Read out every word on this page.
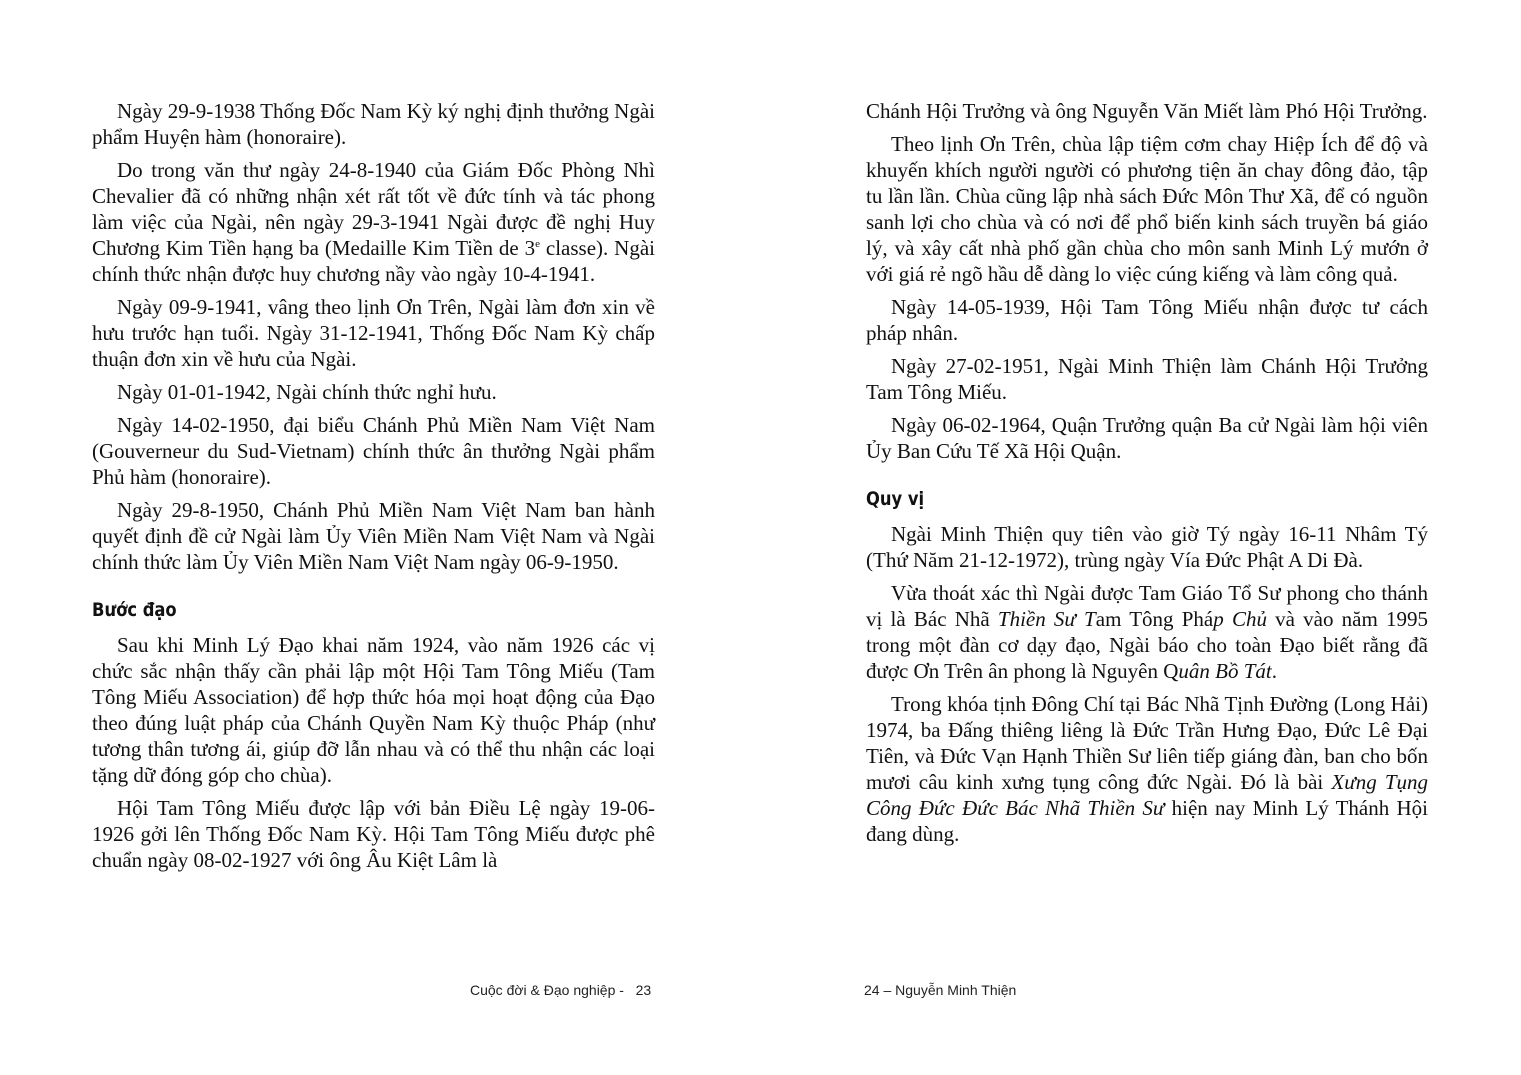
Ngày 29-9-1938 Thống Đốc Nam Kỳ ký nghị định thưởng Ngài phẩm Huyện hàm (honoraire).

Do trong văn thư ngày 24-8-1940 của Giám Đốc Phòng Nhì Chevalier đã có những nhận xét rất tốt về đức tính và tác phong làm việc của Ngài, nên ngày 29-3-1941 Ngài được đề nghị Huy Chương Kim Tiền hạng ba (Medaille Kim Tiền de 3e classe). Ngài chính thức nhận được huy chương nầy vào ngày 10-4-1941.

Ngày 09-9-1941, vâng theo lịnh Ơn Trên, Ngài làm đơn xin về hưu trước hạn tuổi. Ngày 31-12-1941, Thống Đốc Nam Kỳ chấp thuận đơn xin về hưu của Ngài.

Ngày 01-01-1942, Ngài chính thức nghỉ hưu.

Ngày 14-02-1950, đại biểu Chánh Phủ Miền Nam Việt Nam (Gouverneur du Sud-Vietnam) chính thức ân thưởng Ngài phẩm Phủ hàm (honoraire).

Ngày 29-8-1950, Chánh Phủ Miền Nam Việt Nam ban hành quyết định đề cử Ngài làm Ủy Viên Miền Nam Việt Nam và Ngài chính thức làm Ủy Viên Miền Nam Việt Nam ngày 06-9-1950.

Bước đạo

Sau khi Minh Lý Đạo khai năm 1924, vào năm 1926 các vị chức sắc nhận thấy cần phải lập một Hội Tam Tông Miếu (Tam Tông Miếu Association) để hợp thức hóa mọi hoạt động của Đạo theo đúng luật pháp của Chánh Quyền Nam Kỳ thuộc Pháp (như tương thân tương ái, giúp đỡ lẫn nhau và có thể thu nhận các loại tặng dữ đóng góp cho chùa).

Hội Tam Tông Miếu được lập với bản Điều Lệ ngày 19-06-1926 gởi lên Thống Đốc Nam Kỳ. Hội Tam Tông Miếu được phê chuẩn ngày 08-02-1927 với ông Âu Kiệt Lâm là

Chánh Hội Trưởng và ông Nguyễn Văn Miết làm Phó Hội Trưởng.

Theo lịnh Ơn Trên, chùa lập tiệm cơm chay Hiệp Ích để độ và khuyến khích người người có phương tiện ăn chay đông đảo, tập tu lần lần. Chùa cũng lập nhà sách Đức Môn Thư Xã, để có nguồn sanh lợi cho chùa và có nơi để phổ biến kinh sách truyền bá giáo lý, và xây cất nhà phố gần chùa cho môn sanh Minh Lý mướn ở với giá rẻ ngõ hầu dễ dàng lo việc cúng kiếng và làm công quả.

Ngày 14-05-1939, Hội Tam Tông Miếu nhận được tư cách pháp nhân.

Ngày 27-02-1951, Ngài Minh Thiện làm Chánh Hội Trưởng Tam Tông Miếu.

Ngày 06-02-1964, Quận Trưởng quận Ba cử Ngài làm hội viên Ủy Ban Cứu Tế Xã Hội Quận.

Quy vị

Ngài Minh Thiện quy tiên vào giờ Tý ngày 16-11 Nhâm Tý (Thứ Năm 21-12-1972), trùng ngày Vía Đức Phật A Di Đà.

Vừa thoát xác thì Ngài được Tam Giáo Tổ Sư phong cho thánh vị là Bác Nhã Thiền Sư Tam Tông Pháp Chủ và vào năm 1995 trong một đàn cơ dạy đạo, Ngài báo cho toàn Đạo biết rằng đã được Ơn Trên ân phong là Nguyên Quân Bồ Tát.

Trong khóa tịnh Đông Chí tại Bác Nhã Tịnh Đường (Long Hải) 1974, ba Đấng thiêng liêng là Đức Trần Hưng Đạo, Đức Lê Đại Tiên, và Đức Vạn Hạnh Thiền Sư liên tiếp giáng đàn, ban cho bốn mươi câu kinh xưng tụng công đức Ngài. Đó là bài Xưng Tụng Công Đức Đức Bác Nhã Thiền Sư hiện nay Minh Lý Thánh Hội đang dùng.

Cuộc đời & Đạo nghiệp -   23	24 – Nguyễn Minh Thiện
